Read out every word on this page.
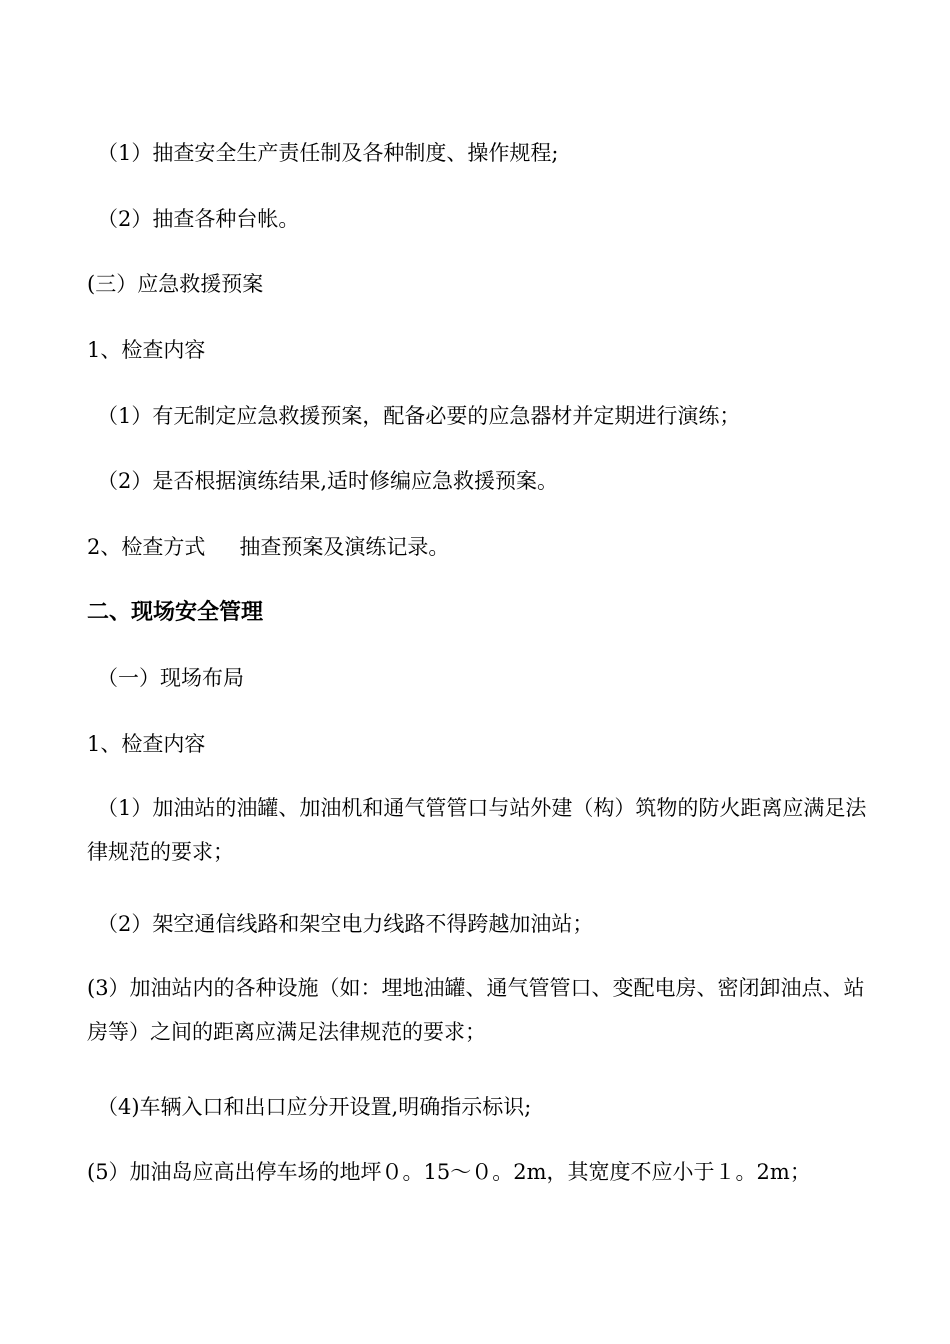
（1）抽查安全生产责任制及各种制度、操作规程;
（2）抽查各种台帐。
(三）应急救援预案
1、检查内容
（1）有无制定应急救援预案，配备必要的应急器材并定期进行演练；
（2）是否根据演练结果,适时修编应急救援预案。
2、检查方式 抽查预案及演练记录。
二、现场安全管理
（一）现场布局
1、检查内容
（1）加油站的油罐、加油机和通气管管口与站外建（构）筑物的防火距离应满足法律规范的要求；
（2）架空通信线路和架空电力线路不得跨越加油站；
(3）加油站内的各种设施（如：埋地油罐、通气管管口、变配电房、密闭卸油点、站房等）之间的距离应满足法律规范的要求；
（4)车辆入口和出口应分开设置,明确指示标识;
(5）加油岛应高出停车场的地坪０。15～０。2m，其宽度不应小于１。2m；
